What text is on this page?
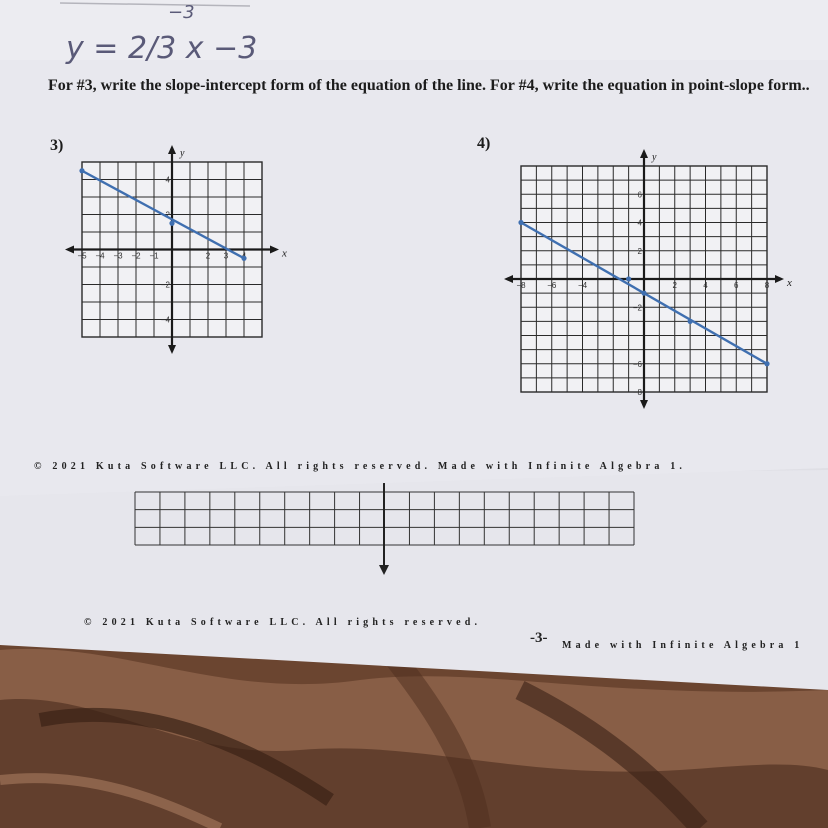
−3
y = 2/3 x −3
For #3, write the slope-intercept form of the equation of the line. For #4, write the equation in point-slope form..
3)	4)
y
x
−5 −4 −3 −2 −1	2 3
4
2
−2
−4
y
x
−8	−6	−4	2	4	6	8
6
4
2
−2
−6
−8
© 2021 Kuta Software LLC. All rights reserved. Made with Infinite Algebra 1.
© 2021 Kuta Software LLC. All rights reserved.
-3- Made with Infinite Algebra 1
